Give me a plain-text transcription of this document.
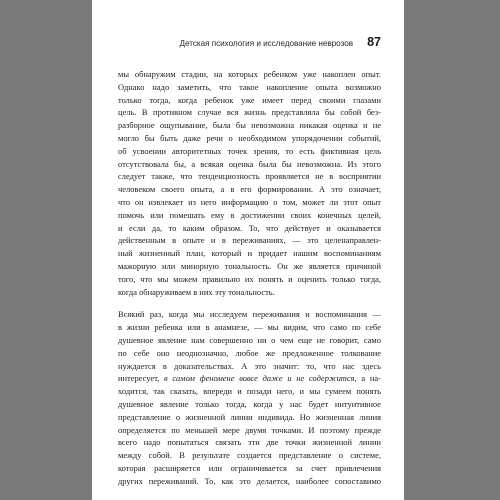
Детская психология и исследование неврозов 87
мы обнаружим стадии, на которых ребенком уже накоплен опыт.
Однако надо заметить, что такое накопление опыта возможно
только тогда, когда ребенок уже имеет перед своими глазами
цель. В противном случае вся жизнь представляла бы собой без-
разборное ощупывание, была бы невозможна никакая оценка и не
могло бы быть даже речи о необходимом упорядочении событий,
об усвоении авторитетных точек зрения, то есть фиктивная цель
отсутствовала бы, а всякая оценка была бы невозможна. Из этого
следует также, что тенденциозность проявляется не в восприятии
человеком своего опыта, а в его формировании. А это означает,
что он извлекает из него информацию о том, может ли этот опыт
помочь или помешать ему в достижении своих конечных целей,
и если да, то каким образом. То, что действует и оказывается
действенным в опыте и в переживаниях, — это целенаправлен-
ный жизненный план, который и придает нашим воспоминаниям
мажорную или минорную тональность. Он же является причиной
того, что мы можем правильно их понять и оценить только тогда,
когда обнаруживаем в них эту тональность.
Всякий раз, когда мы исследуем переживания и воспоминания —
в жизни ребенка или в анамнезе, — мы видим, что само по себе
душевное явление нам совершенно ни о чем еще не говорит, само
по себе оно неоднозначно, любое же предложенное толкование
нуждается в доказательствах. А это значит: то, что нас здесь
интересует, в самом феномене вовсе даже и не содержится, а на-
ходится, так сказать, впереди и позади него, и мы сумеем понять
душевное явление только тогда, когда у нас будет интуитивное
представление о жизненной линии индивида. Но жизненная линия
определяется по меньшей мере двумя точками. И поэтому прежде
всего надо попытаться связать эти две точки жизненной линии
между собой. В результате создается представление о системе,
которая расширяется или ограничивается за счет привлечения
других переживаний. То, как это делается, наиболее сопоставимо
